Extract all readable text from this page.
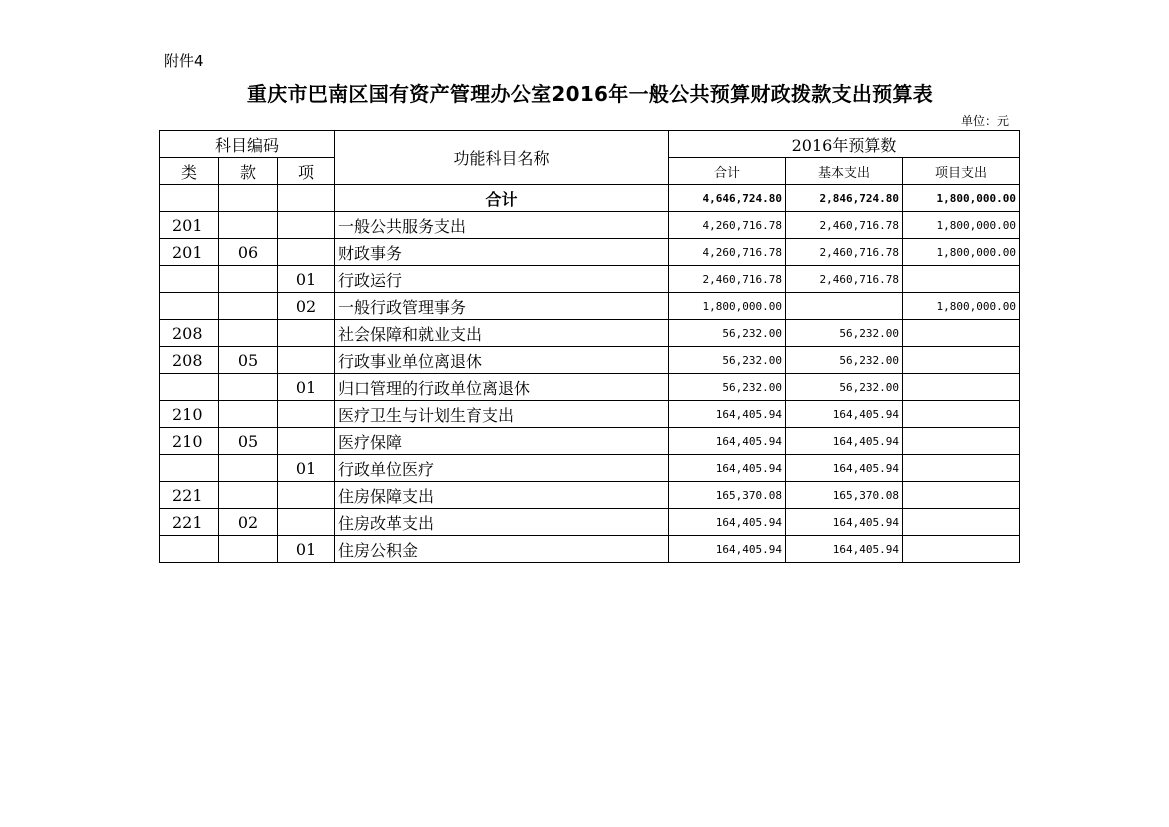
附件4
重庆市巴南区国有资产管理办公室2016年一般公共预算财政拨款支出预算表
单位：元
科目编码			功能科目名称	2016年预算数		
类	款	项		合计	基本支出	项目支出
			合计	4,646,724.80	2,846,724.80	1,800,000.00
201			一般公共服务支出	4,260,716.78	2,460,716.78	1,800,000.00
201	06		财政事务	4,260,716.78	2,460,716.78	1,800,000.00
		01	行政运行	2,460,716.78	2,460,716.78	
		02	一般行政管理事务	1,800,000.00		1,800,000.00
208			社会保障和就业支出	56,232.00	56,232.00	
208	05		行政事业单位离退休	56,232.00	56,232.00	
		01	归口管理的行政单位离退休	56,232.00	56,232.00	
210			医疗卫生与计划生育支出	164,405.94	164,405.94	
210	05		医疗保障	164,405.94	164,405.94	
		01	行政单位医疗	164,405.94	164,405.94	
221			住房保障支出	165,370.08	165,370.08	
221	02		住房改革支出	164,405.94	164,405.94	
		01	住房公积金	164,405.94	164,405.94	
